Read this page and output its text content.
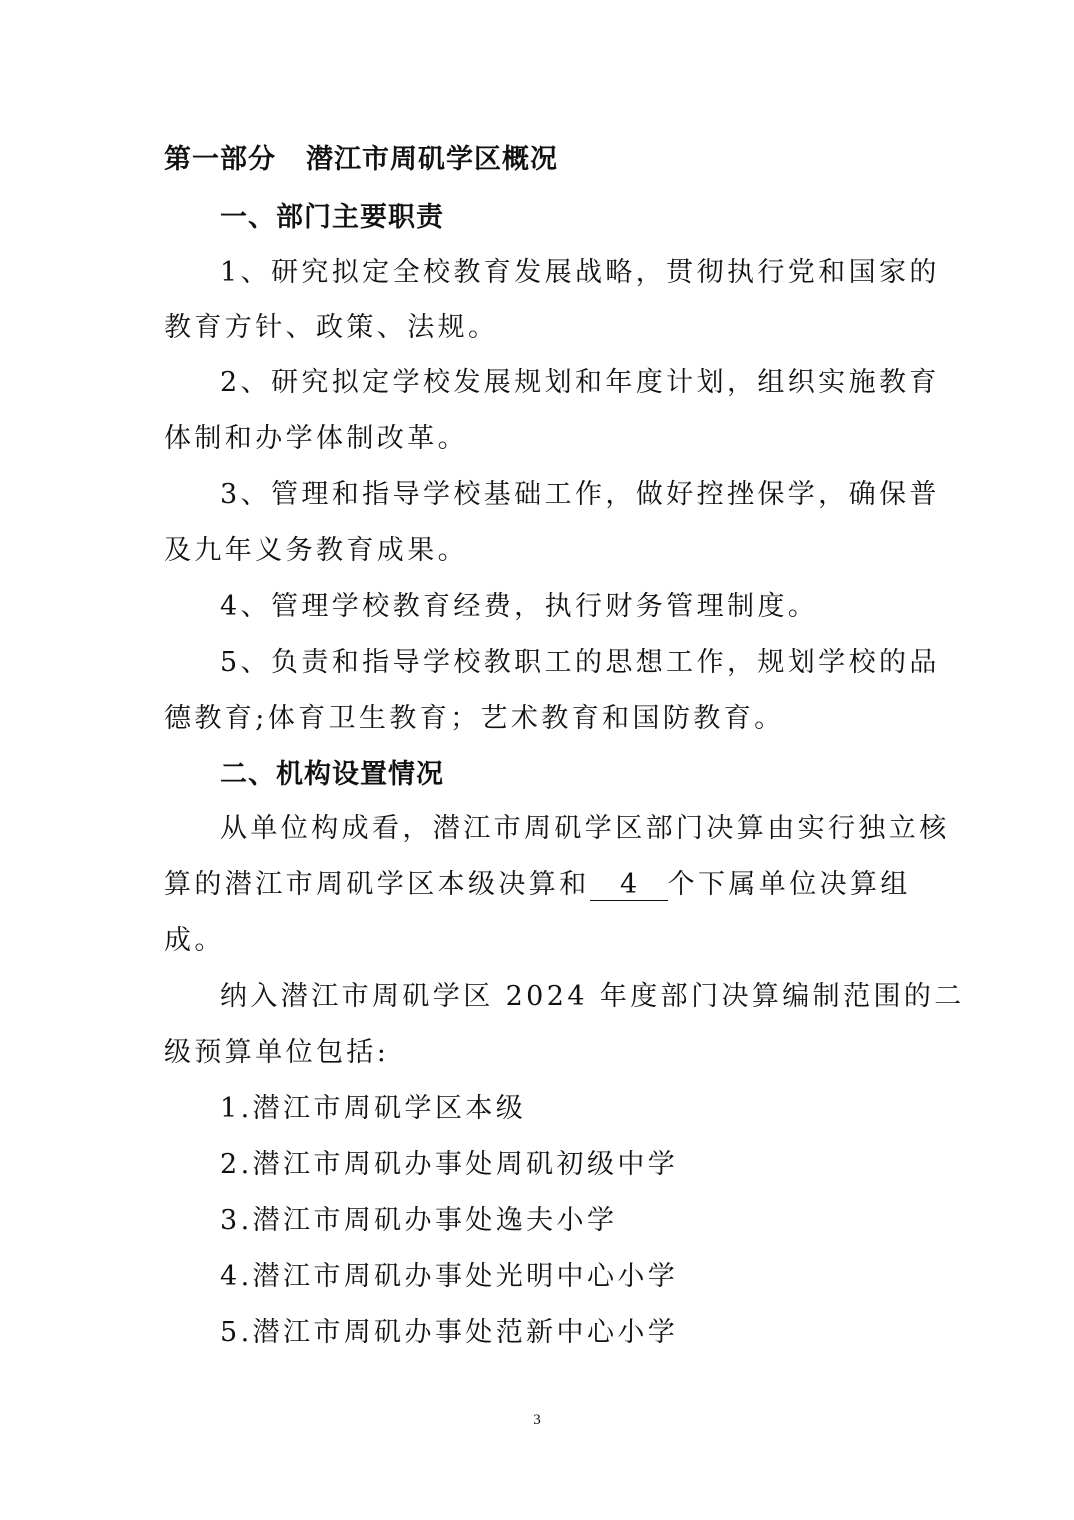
第一部分 潜江市周矶学区概况
一、部门主要职责
1、研究拟定全校教育发展战略，贯彻执行党和国家的
教育方针、政策、法规。
2、研究拟定学校发展规划和年度计划，组织实施教育
体制和办学体制改革。
3、管理和指导学校基础工作，做好控挫保学，确保普
及九年义务教育成果。
4、管理学校教育经费，执行财务管理制度。
5、负责和指导学校教职工的思想工作，规划学校的品
德教育;体育卫生教育；艺术教育和国防教育。
二、机构设置情况
从单位构成看，潜江市周矶学区部门决算由实行独立核
算的潜江市周矶学区本级决算和 4 个下属单位决算组
成。
纳入潜江市周矶学区 2024 年度部门决算编制范围的二
级预算单位包括:
1.潜江市周矶学区本级
2.潜江市周矶办事处周矶初级中学
3.潜江市周矶办事处逸夫小学
4.潜江市周矶办事处光明中心小学
5.潜江市周矶办事处范新中心小学
3
